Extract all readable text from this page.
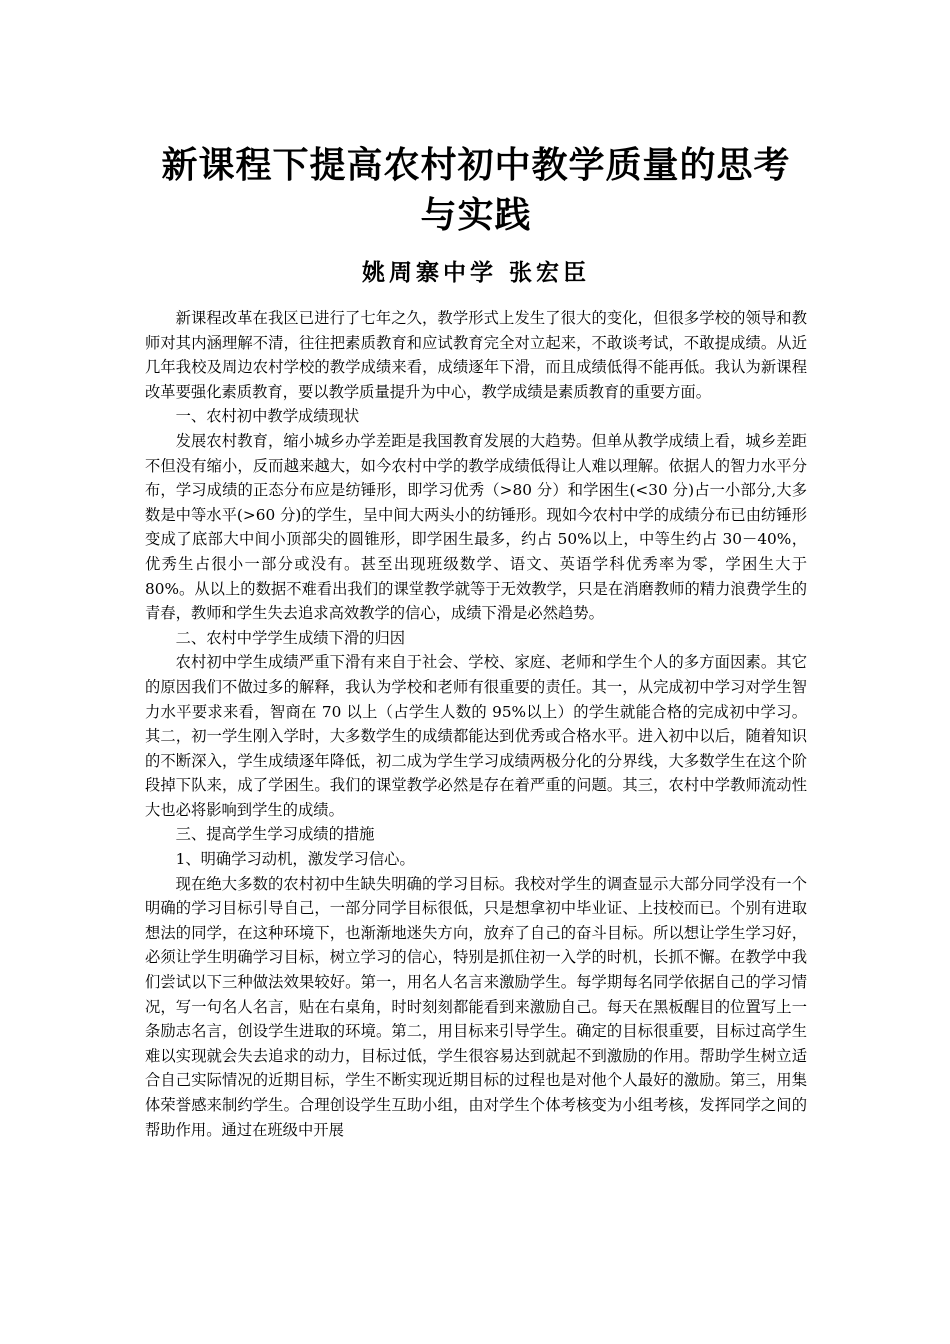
新课程下提高农村初中教学质量的思考与实践
姚周寨中学 张宏臣

新课程改革在我区已进行了七年之久，教学形式上发生了很大的变化，但很多学校的领导和教师对其内涵理解不清，往往把素质教育和应试教育完全对立起来，不敢谈考试，不敢提成绩。从近几年我校及周边农村学校的教学成绩来看，成绩逐年下滑，而且成绩低得不能再低。我认为新课程改革要强化素质教育，要以教学质量提升为中心，教学成绩是素质教育的重要方面。

一、农村初中教学成绩现状

发展农村教育，缩小城乡办学差距是我国教育发展的大趋势。但单从教学成绩上看，城乡差距不但没有缩小，反而越来越大，如今农村中学的教学成绩低得让人难以理解。依据人的智力水平分布，学习成绩的正态分布应是纺锤形，即学习优秀（>80 分）和学困生(<30 分)占一小部分,大多数是中等水平(>60 分)的学生，呈中间大两头小的纺锤形。现如今农村中学的成绩分布已由纺锤形变成了底部大中间小顶部尖的圆锥形，即学困生最多，约占 50%以上，中等生约占 30－40%，优秀生占很小一部分或没有。甚至出现班级数学、语文、英语学科优秀率为零，学困生大于 80%。从以上的数据不难看出我们的课堂教学就等于无效教学，只是在消磨教师的精力浪费学生的青春，教师和学生失去追求高效教学的信心，成绩下滑是必然趋势。

二、农村中学学生成绩下滑的归因

农村初中学生成绩严重下滑有来自于社会、学校、家庭、老师和学生个人的多方面因素。其它的原因我们不做过多的解释，我认为学校和老师有很重要的责任。其一，从完成初中学习对学生智力水平要求来看，智商在 70 以上（占学生人数的 95%以上）的学生就能合格的完成初中学习。其二，初一学生刚入学时，大多数学生的成绩都能达到优秀或合格水平。进入初中以后，随着知识的不断深入，学生成绩逐年降低，初二成为学生学习成绩两极分化的分界线，大多数学生在这个阶段掉下队来，成了学困生。我们的课堂教学必然是存在着严重的问题。其三，农村中学教师流动性大也必将影响到学生的成绩。

三、提高学生学习成绩的措施

1、明确学习动机，激发学习信心。

现在绝大多数的农村初中生缺失明确的学习目标。我校对学生的调查显示大部分同学没有一个明确的学习目标引导自己，一部分同学目标很低，只是想拿初中毕业证、上技校而已。个别有进取想法的同学，在这种环境下，也渐渐地迷失方向，放弃了自己的奋斗目标。所以想让学生学习好，必须让学生明确学习目标，树立学习的信心，特别是抓住初一入学的时机，长抓不懈。在教学中我们尝试以下三种做法效果较好。第一，用名人名言来激励学生。每学期每名同学依据自己的学习情况，写一句名人名言，贴在右桌角，时时刻刻都能看到来激励自己。每天在黑板醒目的位置写上一条励志名言，创设学生进取的环境。第二，用目标来引导学生。确定的目标很重要，目标过高学生难以实现就会失去追求的动力，目标过低，学生很容易达到就起不到激励的作用。帮助学生树立适合自己实际情况的近期目标，学生不断实现近期目标的过程也是对他个人最好的激励。第三，用集体荣誉感来制约学生。合理创设学生互助小组，由对学生个体考核变为小组考核，发挥同学之间的帮助作用。通过在班级中开展
